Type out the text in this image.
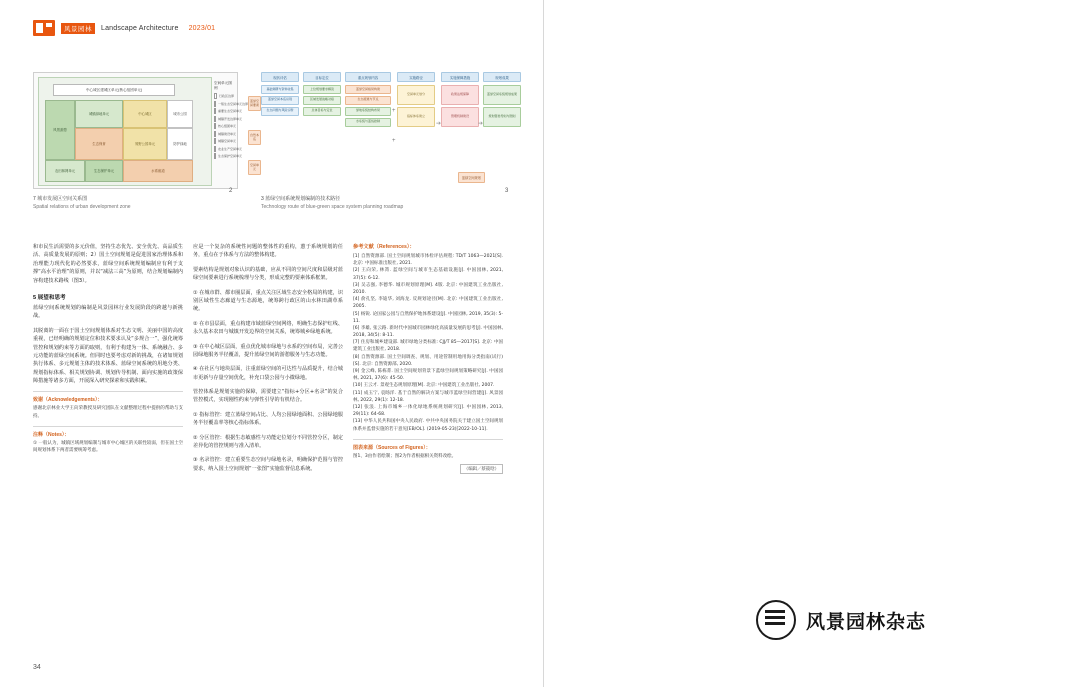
风景园林	Landscape Architecture 2023/01
中心城区建城区单元(核心组团单元)
风景游憩
城镇绿地单元	中心城区	城市公园
生态保育	郊野公园单元	防护绿地
农田林网单元	生态保护单元	水系廊道
空间单元图例
行政区边界
一般生态空间单元边界
重要生态空间单元
城镇开发边界单元
核心组团单元
城镇建设单元
城镇空间单元
农业生产空间单元
生态保护空间单元
2
7 城市发展区空间关系图
Spatial relations of urban development zone
现状评估
基础调研与资料收集
蓝绿空间本底识别
生态问题与风险诊断
目标定位
上位规划要求解读
区域发展战略对接
总体目标与定位
重点规划内容
蓝绿空间格局构建
生态廊道与节点
绿地系统结构布局
水系统与蓝线控制
实施路径
空间单元划分
指标体系建立
实施保障措施
政策法规保障
管理机制建设
规划成果
蓝绿空间系统规划成果
规划管控导则与图则
蓝绿空间要素
自然本底
空间单元
+
+
➔	➔
蓝绿空间规划
3
3 蓝绿空间系统规划编制的技术路径
Technology route of blue-green space system planning roadmap
和市民生活需要的多元价值，坚持生态优先、安全优先、高品质生活、高质量发展的原则；2）国土空间规划是促进国家治理体系和治理能力现代化的必然要求，蓝绿空间系统规划编制应有利于支撑“高水平治理”的原则，并以“减法三高”为原则，结合规划编制内容构建技术路线（图3）。
5 展望和思考
蓝绿空间系统规划的编制是风景园林行业发展阶段的跨越与新挑战。
其脱离的一面在于国土空间规划体系对生态文明、美丽中国的高度重视，已经明确的规划定位和技术要求认及“多规合一”，强化统筹管控和规划约束等方面的取则，有利于构建为一体、系统融合、多元功能的蓝绿空间系统。但同时也要考虑对新的挑战，在诸如规划执行体系、多元规划主体的技术体系、蓝绿空间系统的用地分类、规划指标体系、相关规划协调、规划传导机制、面向实施的政策保障措施等诸多方面，开展深入研究探索和实践积累。
致谢（Acknowledgements）：
感谢北京林业大学王向荣教授及研究团队在文献整理过程中提供的帮助与支持。
注释（Notes）：
① 一般认为，城镇区域规划编制与城市中心城区的关联性较弱，但在国土空间规划体系下两者需要统筹考虑。
应是一个复杂的系统性问题的整体性的重构，蕙于系统规划的任务，重点在于体系与方法的整体构建。
要素结构是规划对象认识的基础，应从不同的空间尺度和层级对蓝绿空间要素进行系统梳理与分类，形成完整的要素体系框架。
① 在城市群、都市圈层面，重点关注区域生态安全格局的构建，识别区域性生态廊道与生态源地，统筹跨行政区的山水林田湖草系统。
② 在市县层面，重点构建市域蓝绿空间网络，明确生态保护红线、永久基本农田与城镇开发边界的空间关系，统筹城乡绿地系统。
③ 在中心城区层面，重点优化城市绿地与水系的空间布局，完善公园绿地服务半径覆盖，提升蓝绿空间的游憩服务与生态功能。
④ 在社区与地块层面，注重蓝绿空间的可达性与品质提升，结合城市更新与存量空间优化，补充口袋公园与小微绿地。
管控体系是规划实施的保障，需要建立“指标+分区+名录”的复合管控模式，实现刚性约束与弹性引导的有机结合。
① 指标管控：建立蓝绿空间占比、人均公园绿地面积、公园绿地服务半径覆盖率等核心指标体系。
② 分区管控：根据生态敏感性与功能定位划分不同管控分区，制定差异化的管控规则与准入清单。
③ 名录管控：建立重要生态空间与绿地名录，明确保护范围与管控要求，纳入国土空间规划“一张图”实施监督信息系统。
参考文献（References）：
[1] 自然资源部. 国土空间规划城市体检评估规程: TD/T 1063—2021[S]. 北京: 中国标准出版社, 2021.
[2] 王向荣, 林箐. 蓝绿空间与城市生态基础设施[J]. 中国园林, 2021, 37(5): 6-12.
[3] 吴志强, 李德华. 城市规划原理[M]. 4版. 北京: 中国建筑工业出版社, 2010.
[4] 俞孔坚, 李迪华, 刘海龙. 反规划途径[M]. 北京: 中国建筑工业出版社, 2005.
[5] 杨锐. 论国家公园与自然保护地体系建设[J]. 中国园林, 2019, 35(3): 5-11.
[6] 李雄, 张云路. 新时代中国城市园林绿化高质量发展的思考[J]. 中国园林, 2018, 34(5): 8-11.
[7] 住房和城乡建设部. 城市绿地分类标准: CJJ/T 85—2017[S]. 北京: 中国建筑工业出版社, 2018.
[8] 自然资源部. 国土空间调查、规划、用途管制用地用海分类指南(试行)[S]. 北京: 自然资源部, 2020.
[9] 金云峰, 陈栋菁. 国土空间规划背景下蓝绿空间规划策略研究[J]. 中国园林, 2021, 37(6): 45-50.
[10] 王云才. 景观生态规划原理[M]. 北京: 中国建筑工业出版社, 2007.
[11] 成玉宁, 袁旸洋. 基于自然的解决方案与城市蓝绿空间营建[J]. 风景园林, 2022, 29(1): 12-18.
[12] 张浪. 上海市城乡一体化绿地系统规划研究[J]. 中国园林, 2013, 29(11): 64-68.
[13] 中华人民共和国中央人民政府. 中共中央国务院关于建立国土空间规划体系并监督实施的若干意见[EB/OL]. (2019-05-23)[2022-10-11].
图表来源（Sources of Figures）：
图1、3由作者绘制；图2为作者根据相关资料改绘。
（编辑／蔡筱晗）
34
风景园林杂志
